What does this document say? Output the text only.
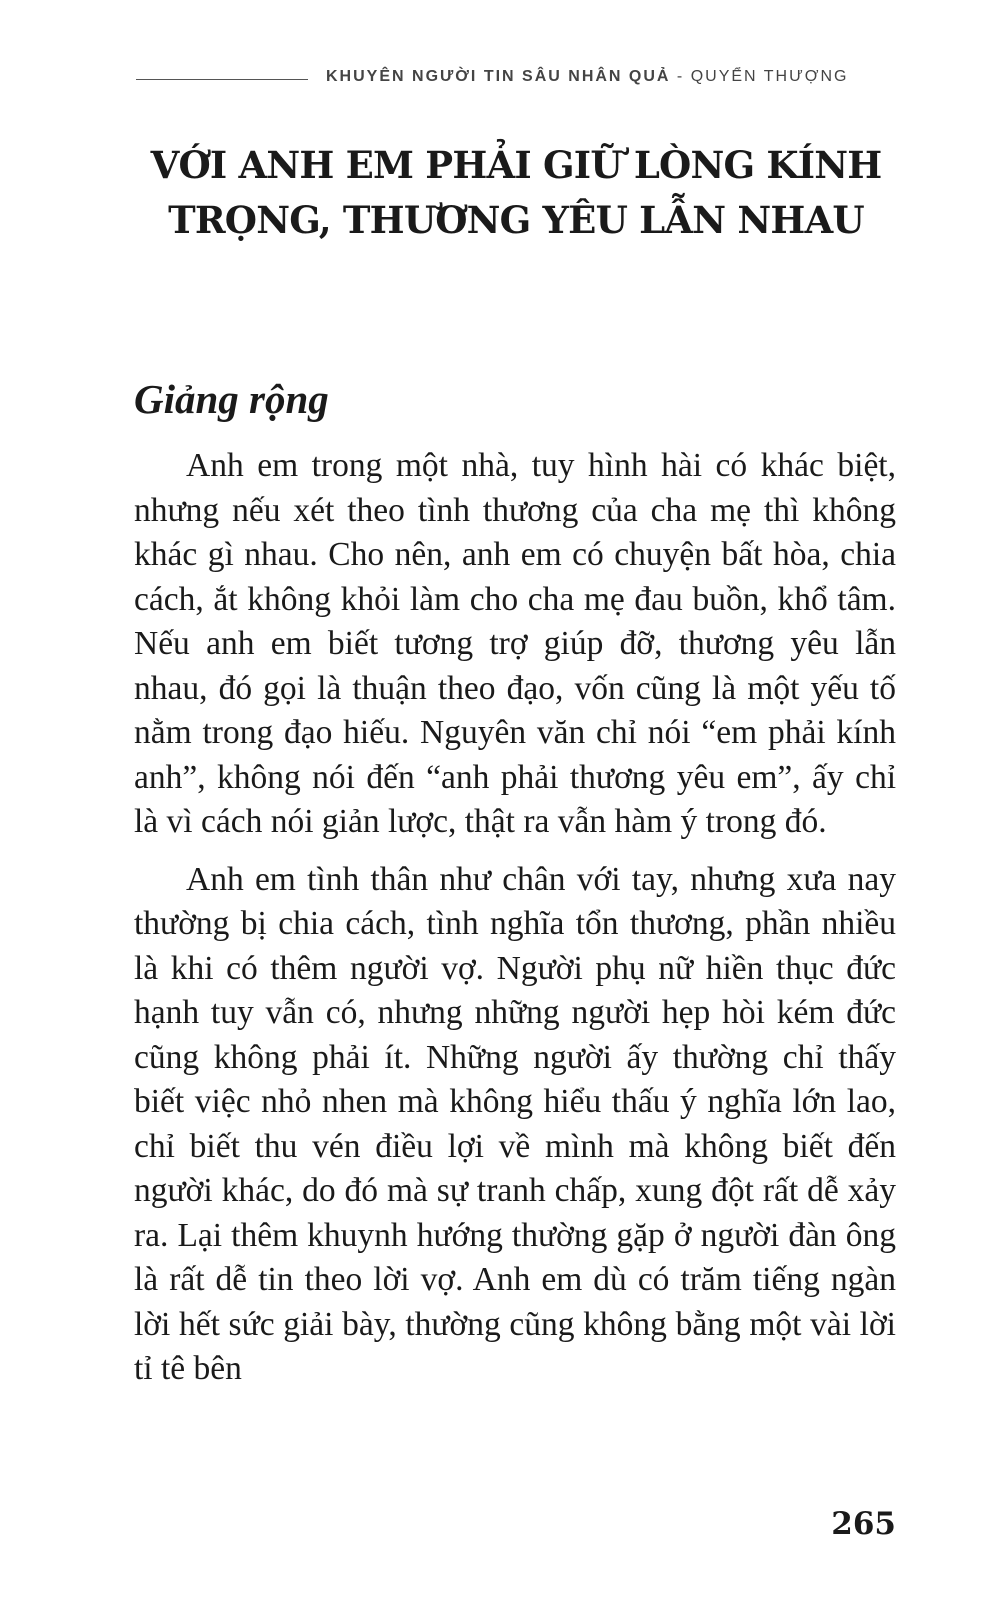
KHUYÊN NGƯỜI TIN SÂU NHÂN QUẢ - QUYỂN THƯỢNG
VỚI ANH EM PHẢI GIỮ LÒNG KÍNH TRỌNG, THƯƠNG YÊU LẪN NHAU
Giảng rộng

Anh em trong một nhà, tuy hình hài có khác biệt, nhưng nếu xét theo tình thương của cha mẹ thì không khác gì nhau. Cho nên, anh em có chuyện bất hòa, chia cách, ắt không khỏi làm cho cha mẹ đau buồn, khổ tâm. Nếu anh em biết tương trợ giúp đỡ, thương yêu lẫn nhau, đó gọi là thuận theo đạo, vốn cũng là một yếu tố nằm trong đạo hiếu. Nguyên văn chỉ nói “em phải kính anh”, không nói đến “anh phải thương yêu em”, ấy chỉ là vì cách nói giản lược, thật ra vẫn hàm ý trong đó.

Anh em tình thân như chân với tay, nhưng xưa nay thường bị chia cách, tình nghĩa tổn thương, phần nhiều là khi có thêm người vợ. Người phụ nữ hiền thục đức hạnh tuy vẫn có, nhưng những người hẹp hòi kém đức cũng không phải ít. Những người ấy thường chỉ thấy biết việc nhỏ nhen mà không hiểu thấu ý nghĩa lớn lao, chỉ biết thu vén điều lợi về mình mà không biết đến người khác, do đó mà sự tranh chấp, xung đột rất dễ xảy ra. Lại thêm khuynh hướng thường gặp ở người đàn ông là rất dễ tin theo lời vợ. Anh em dù có trăm tiếng ngàn lời hết sức giải bày, thường cũng không bằng một vài lời tỉ tê bên

265
